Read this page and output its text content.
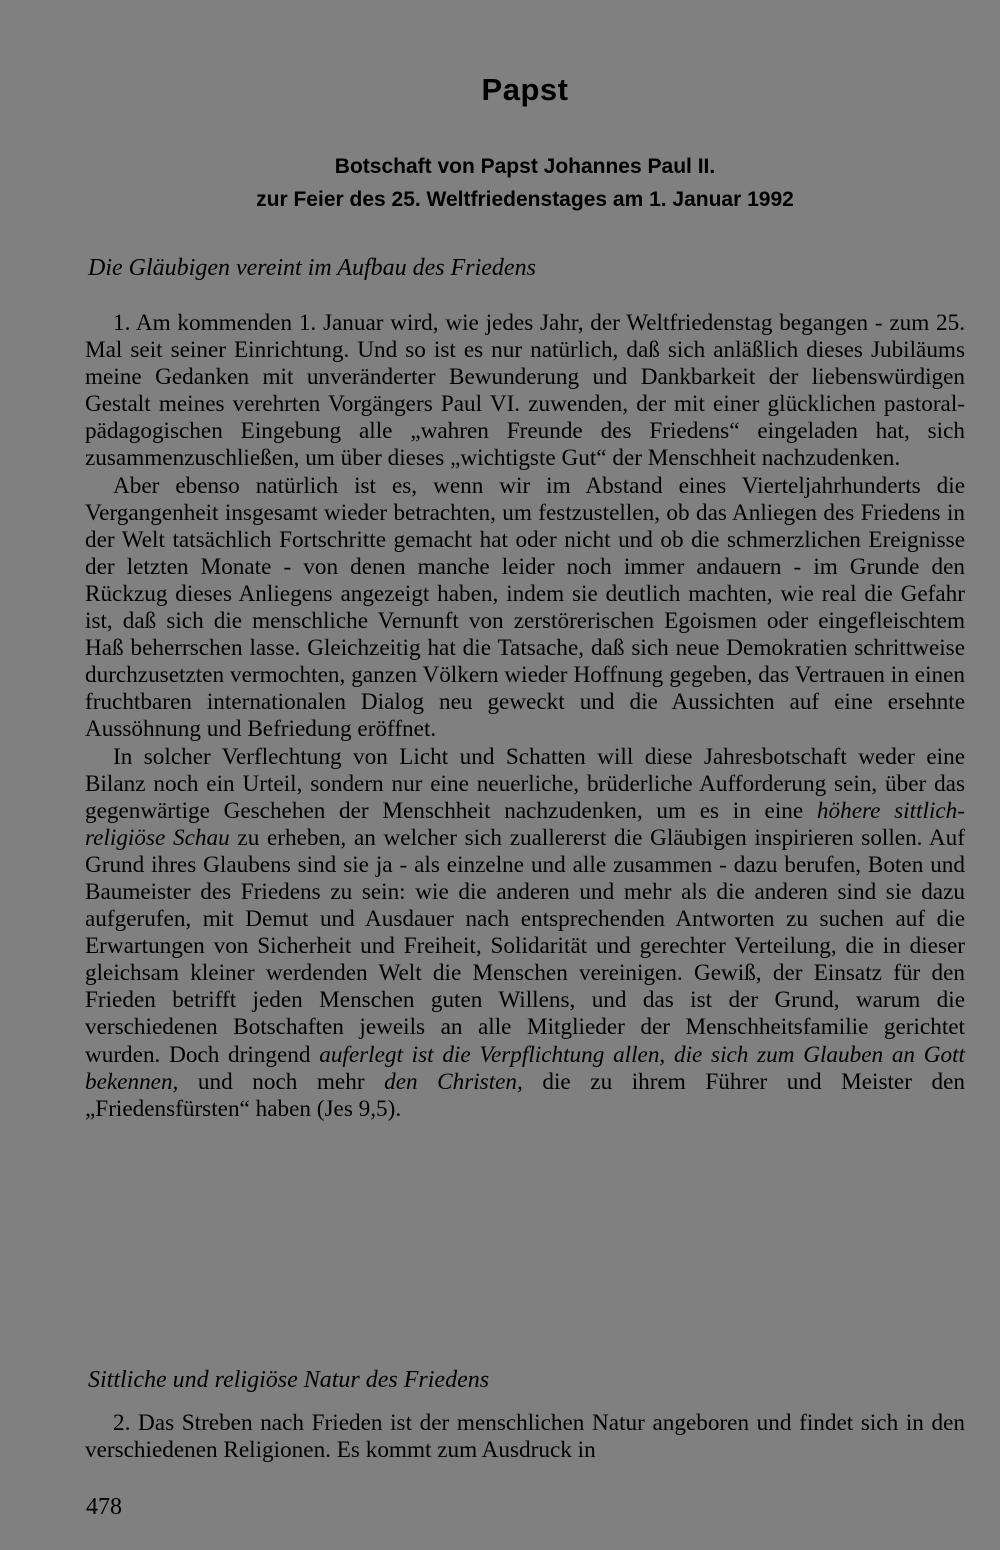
Papst
Botschaft von Papst Johannes Paul II.
zur Feier des 25. Weltfriedenstages am 1. Januar 1992
Die Gläubigen vereint im Aufbau des Friedens

1. Am kommenden 1. Januar wird, wie jedes Jahr, der Weltfriedenstag begangen - zum 25. Mal seit seiner Einrichtung. Und so ist es nur natürlich, daß sich anläßlich dieses Jubiläums meine Gedanken mit unveränderter Bewunderung und Dankbarkeit der liebenswürdigen Gestalt meines verehrten Vorgängers Paul VI. zuwenden, der mit einer glücklichen pastoral-pädagogischen Eingebung alle „wahren Freunde des Friedens“ eingeladen hat, sich zusammenzuschließen, um über dieses „wichtigste Gut“ der Menschheit nachzudenken.

Aber ebenso natürlich ist es, wenn wir im Abstand eines Vierteljahrhunderts die Vergangenheit insgesamt wieder betrachten, um festzustellen, ob das Anliegen des Friedens in der Welt tatsächlich Fortschritte gemacht hat oder nicht und ob die schmerzlichen Ereignisse der letzten Monate - von denen manche leider noch immer andauern - im Grunde den Rückzug dieses Anliegens angezeigt haben, indem sie deutlich machten, wie real die Gefahr ist, daß sich die menschliche Vernunft von zerstörerischen Egoismen oder eingefleischtem Haß beherrschen lasse. Gleichzeitig hat die Tatsache, daß sich neue Demokratien schrittweise durchzusetzten vermochten, ganzen Völkern wieder Hoffnung gegeben, das Vertrauen in einen fruchtbaren internationalen Dialog neu geweckt und die Aussichten auf eine ersehnte Aussöhnung und Befriedung eröffnet.

In solcher Verflechtung von Licht und Schatten will diese Jahresbotschaft weder eine Bilanz noch ein Urteil, sondern nur eine neuerliche, brüderliche Aufforderung sein, über das gegenwärtige Geschehen der Menschheit nachzudenken, um es in eine höhere sittlich-religiöse Schau zu erheben, an welcher sich zuallererst die Gläubigen inspirieren sollen. Auf Grund ihres Glaubens sind sie ja - als einzelne und alle zusammen - dazu berufen, Boten und Baumeister des Friedens zu sein: wie die anderen und mehr als die anderen sind sie dazu aufgerufen, mit Demut und Ausdauer nach entsprechenden Antworten zu suchen auf die Erwartungen von Sicherheit und Freiheit, Solidarität und gerechter Verteilung, die in dieser gleichsam kleiner werdenden Welt die Menschen vereinigen. Gewiß, der Einsatz für den Frieden betrifft jeden Menschen guten Willens, und das ist der Grund, warum die verschiedenen Botschaften jeweils an alle Mitglieder der Menschheitsfamilie gerichtet wurden. Doch dringend auferlegt ist die Verpflichtung allen, die sich zum Glauben an Gott bekennen, und noch mehr den Christen, die zu ihrem Führer und Meister den „Friedensfürsten“ haben (Jes 9,5).

Sittliche und religiöse Natur des Friedens

2. Das Streben nach Frieden ist der menschlichen Natur angeboren und findet sich in den verschiedenen Religionen. Es kommt zum Ausdruck in

478
